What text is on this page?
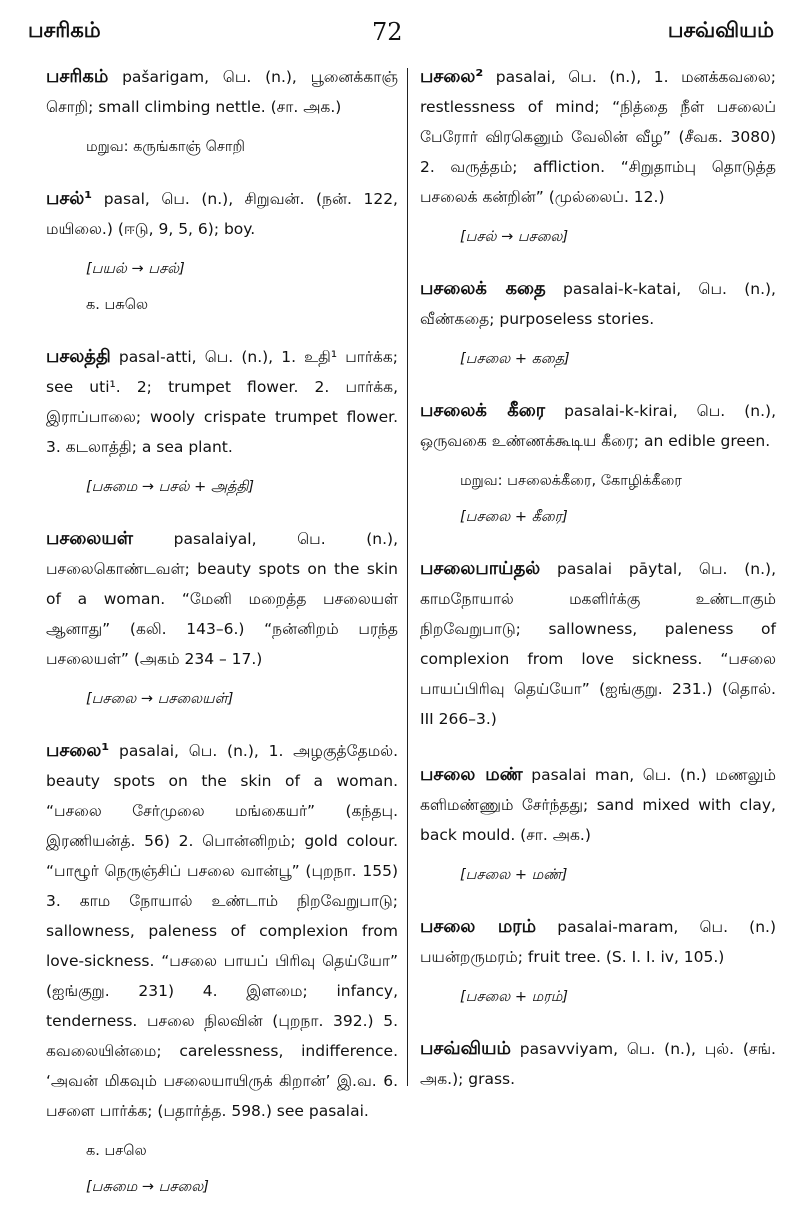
பசரிகம்	72	பசவ்வியம்
பசரிகம் pašarigam, பெ. (n.), பூனைக்காஞ் சொறி; small climbing nettle. (சா. அக.)
மறுவ: கருங்காஞ் சொறி
பசல்¹ pasal, பெ. (n.), சிறுவன். (நன். 122, மயிலை.) (ஈடு, 9, 5, 6); boy.
[பயல் → பசல்]
க. பசுலெ
பசலத்தி pasal-atti, பெ. (n.), 1. உதி¹ பார்க்க; see uti¹. 2; trumpet flower. 2. பார்க்க, இராப்பாலை; wooly crispate trumpet flower. 3. கடலாத்தி; a sea plant.
[பசுமை → பசல் + அத்தி]
பசலையள்	pasalaiyal, பெ. (n.), பசலைகொண்டவள்; beauty spots on the skin of a woman. “மேனி மறைத்த பசலையள் ஆனாது” (கலி. 143–6.) “நன்னிறம் பரந்த பசலையள்” (அகம் 234 – 17.)
[பசலை → பசலையள்]
பசலை¹ pasalai, பெ. (n.), 1. அழகுத்தேமல். beauty spots on the skin of a woman. “பசலை சேர்முலை மங்கையர்” (கந்தபு. இரணியன்த். 56) 2. பொன்னிறம்; gold colour. “பாழூர் நெருஞ்சிப் பசலை வான்பூ” (புறநா. 155) 3. காம நோயால் உண்டாம் நிறவேறுபாடு; sallowness, paleness of complexion from love-sickness. “பசலை பாயப் பிரிவு தெய்யோ” (ஐங்குறு. 231) 4. இளமை; infancy, tenderness. பசலை நிலவின் (புறநா. 392.) 5. கவலையின்மை; carelessness, indifference. ‘அவன் மிகவும் பசலையாயிருக் கிறான்’ இ.வ. 6. பசளை பார்க்க; (பதார்த்த. 598.) see pasalai.
க. பசலெ
[பசுமை → பசலை]
பசலை² pasalai, பெ. (n.), 1. மனக்கவலை; restlessness of mind; “நித்தை நீள் பசலைப் பேரோர் விரகெனும் வேலின் வீழ” (சீவக. 3080) 2. வருத்தம்; affliction. “சிறுதாம்பு தொடுத்த பசலைக் கன்றின்” (முல்லைப். 12.)
[பசல் → பசலை]
பசலைக் கதை pasalai-k-katai, பெ. (n.), வீண்கதை; purposeless stories.
[பசலை + கதை]
பசலைக் கீரை pasalai-k-kirai, பெ. (n.), ஒருவகை உண்ணக்கூடிய கீரை; an edible green.
மறுவ: பசலைக்கீரை, கோழிக்கீரை
[பசலை + கீரை]
பசலைபாய்தல் pasalai pāytal, பெ. (n.), காமநோயால் மகளிர்க்கு உண்டாகும் நிறவேறுபாடு; sallowness, paleness of complexion from love sickness. “பசலை பாயப்பிரிவு தெய்யோ” (ஐங்குறு. 231.) (தொல். III 266–3.)
பசலை மண் pasalai man, பெ. (n.) மணலும் களிமண்ணும் சேர்ந்தது; sand mixed with clay, back mould. (சா. அக.)
[பசலை + மண்]
பசலை மரம் pasalai-maram, பெ. (n.) பயன்றருமரம்; fruit tree. (S. I. I. iv, 105.)
[பசலை + மரம்]
பசவ்வியம் pasavviyam, பெ. (n.), புல். (சங். அக.); grass.
